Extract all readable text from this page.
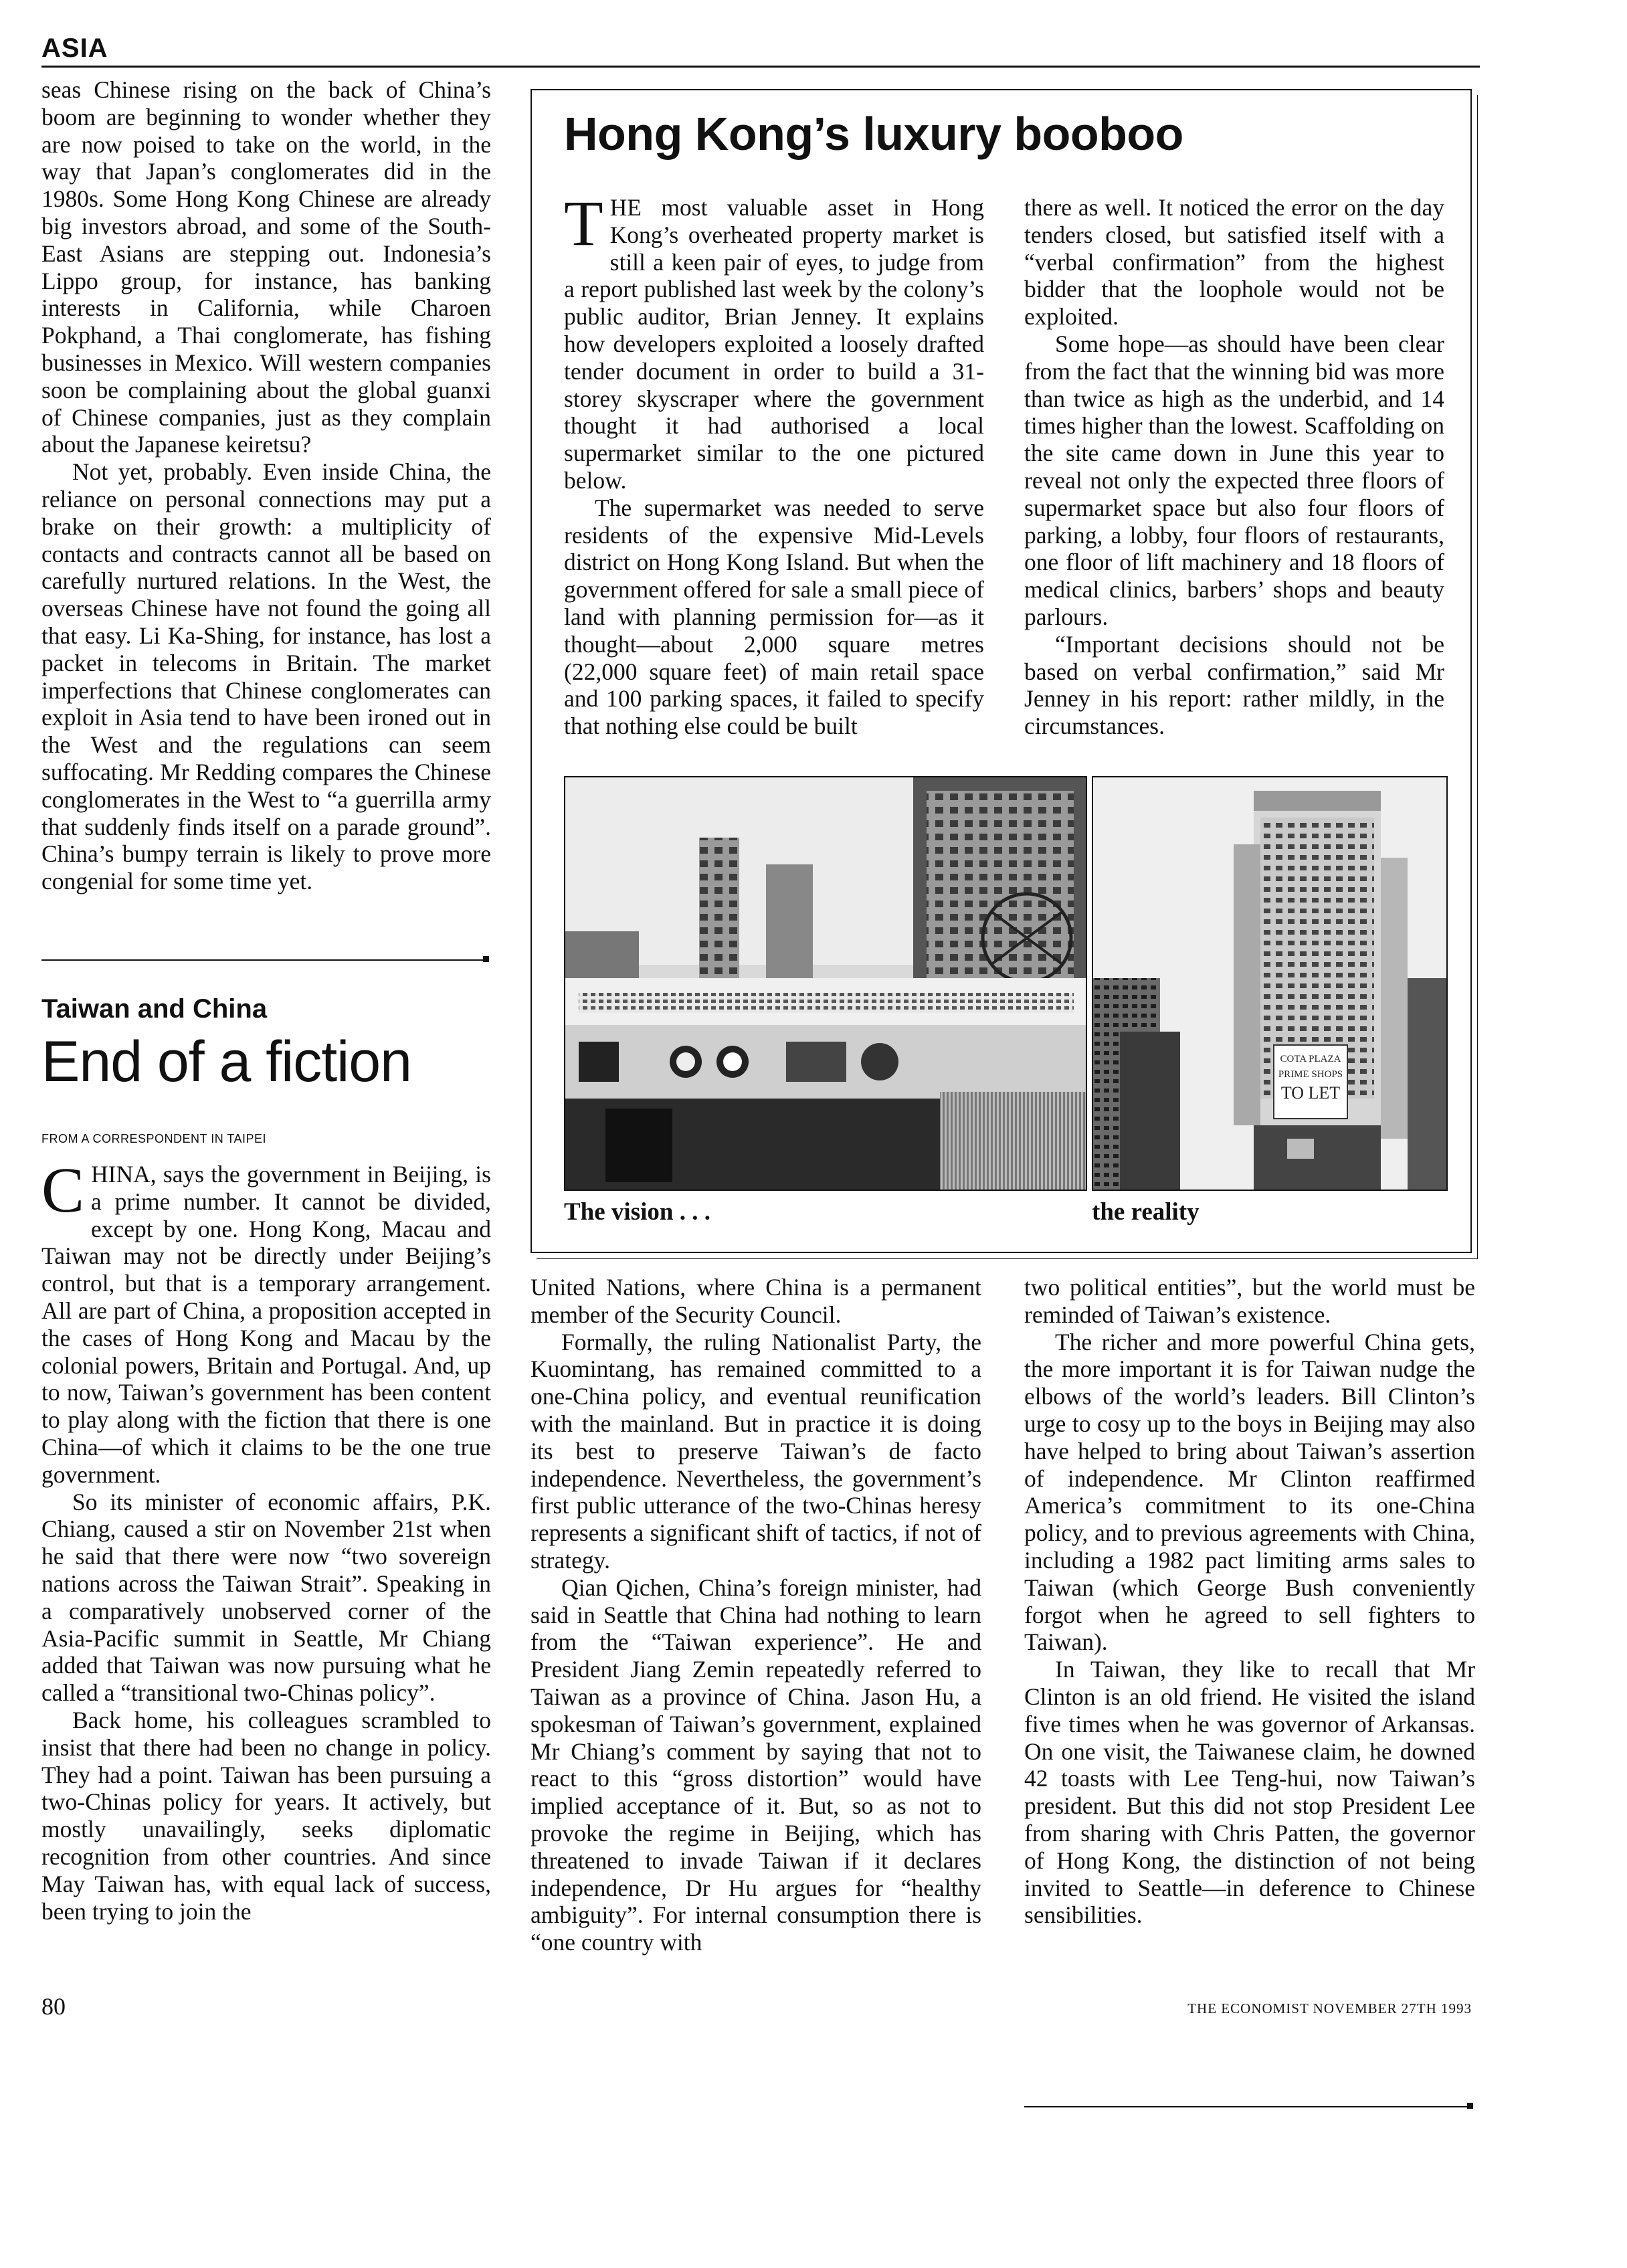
ASIA

seas Chinese rising on the back of China’s boom are beginning to wonder whether they are now poised to take on the world, in the way that Japan’s conglomerates did in the 1980s. Some Hong Kong Chinese are already big investors abroad, and some of the South-East Asians are stepping out. Indonesia’s Lippo group, for instance, has banking interests in California, while Charoen Pokphand, a Thai conglomerate, has fishing businesses in Mexico. Will western companies soon be complaining about the global guanxi of Chinese companies, just as they complain about the Japanese keiretsu?

Not yet, probably. Even inside China, the reliance on personal connections may put a brake on their growth: a multiplicity of contacts and contracts cannot all be based on carefully nurtured relations. In the West, the overseas Chinese have not found the going all that easy. Li Ka-Shing, for instance, has lost a packet in telecoms in Britain. The market imperfections that Chinese conglomerates can exploit in Asia tend to have been ironed out in the West and the regulations can seem suffocating. Mr Redding compares the Chinese conglomerates in the West to “a guerrilla army that suddenly finds itself on a parade ground”. China’s bumpy terrain is likely to prove more congenial for some time yet.

Hong Kong’s luxury booboo

THE most valuable asset in Hong Kong’s overheated property market is still a keen pair of eyes, to judge from a report published last week by the colony’s public auditor, Brian Jenney. It explains how developers exploited a loosely drafted tender document in order to build a 31-storey skyscraper where the government thought it had authorised a local supermarket similar to the one pictured below.

The supermarket was needed to serve residents of the expensive Mid-Levels district on Hong Kong Island. But when the government offered for sale a small piece of land with planning permission for—as it thought—about 2,000 square metres (22,000 square feet) of main retail space and 100 parking spaces, it failed to specify that nothing else could be built

there as well. It noticed the error on the day tenders closed, but satisfied itself with a “verbal confirmation” from the highest bidder that the loophole would not be exploited.

Some hope—as should have been clear from the fact that the winning bid was more than twice as high as the underbid, and 14 times higher than the lowest. Scaffolding on the site came down in June this year to reveal not only the expected three floors of supermarket space but also four floors of parking, a lobby, four floors of restaurants, one floor of lift machinery and 18 floors of medical clinics, barbers’ shops and beauty parlours.

“Important decisions should not be based on verbal confirmation,” said Mr Jenney in his report: rather mildly, in the circumstances.

COTA PLAZA
PRIME SHOPS
TO LET
The vision . . .	the reality
Taiwan and China
End of a fiction
FROM A CORRESPONDENT IN TAIPEI

CHINA, says the government in Beijing, is a prime number. It cannot be divided, except by one. Hong Kong, Macau and Taiwan may not be directly under Beijing’s control, but that is a temporary arrangement. All are part of China, a proposition accepted in the cases of Hong Kong and Macau by the colonial powers, Britain and Portugal. And, up to now, Taiwan’s government has been content to play along with the fiction that there is one China—of which it claims to be the one true government.

So its minister of economic affairs, P.K. Chiang, caused a stir on November 21st when he said that there were now “two sovereign nations across the Taiwan Strait”. Speaking in a comparatively unobserved corner of the Asia-Pacific summit in Seattle, Mr Chiang added that Taiwan was now pursuing what he called a “transitional two-Chinas policy”.

Back home, his colleagues scrambled to insist that there had been no change in policy. They had a point. Taiwan has been pursuing a two-Chinas policy for years. It actively, but mostly unavailingly, seeks diplomatic recognition from other countries. And since May Taiwan has, with equal lack of success, been trying to join the

United Nations, where China is a permanent member of the Security Council.

Formally, the ruling Nationalist Party, the Kuomintang, has remained committed to a one-China policy, and eventual reunification with the mainland. But in practice it is doing its best to preserve Taiwan’s de facto independence. Nevertheless, the government’s first public utterance of the two-Chinas heresy represents a significant shift of tactics, if not of strategy.

Qian Qichen, China’s foreign minister, had said in Seattle that China had nothing to learn from the “Taiwan experience”. He and President Jiang Zemin repeatedly referred to Taiwan as a province of China. Jason Hu, a spokesman of Taiwan’s government, explained Mr Chiang’s comment by saying that not to react to this “gross distortion” would have implied acceptance of it. But, so as not to provoke the regime in Beijing, which has threatened to invade Taiwan if it declares independence, Dr Hu argues for “healthy ambiguity”. For internal consumption there is “one country with

two political entities”, but the world must be reminded of Taiwan’s existence.

The richer and more powerful China gets, the more important it is for Taiwan nudge the elbows of the world’s leaders. Bill Clinton’s urge to cosy up to the boys in Beijing may also have helped to bring about Taiwan’s assertion of independence. Mr Clinton reaffirmed America’s commitment to its one-China policy, and to previous agreements with China, including a 1982 pact limiting arms sales to Taiwan (which George Bush conveniently forgot when he agreed to sell fighters to Taiwan).

In Taiwan, they like to recall that Mr Clinton is an old friend. He visited the island five times when he was governor of Arkansas. On one visit, the Taiwanese claim, he downed 42 toasts with Lee Teng-hui, now Taiwan’s president. But this did not stop President Lee from sharing with Chris Patten, the governor of Hong Kong, the distinction of not being invited to Seattle—in deference to Chinese sensibilities.

80	THE ECONOMIST NOVEMBER 27TH 1993
